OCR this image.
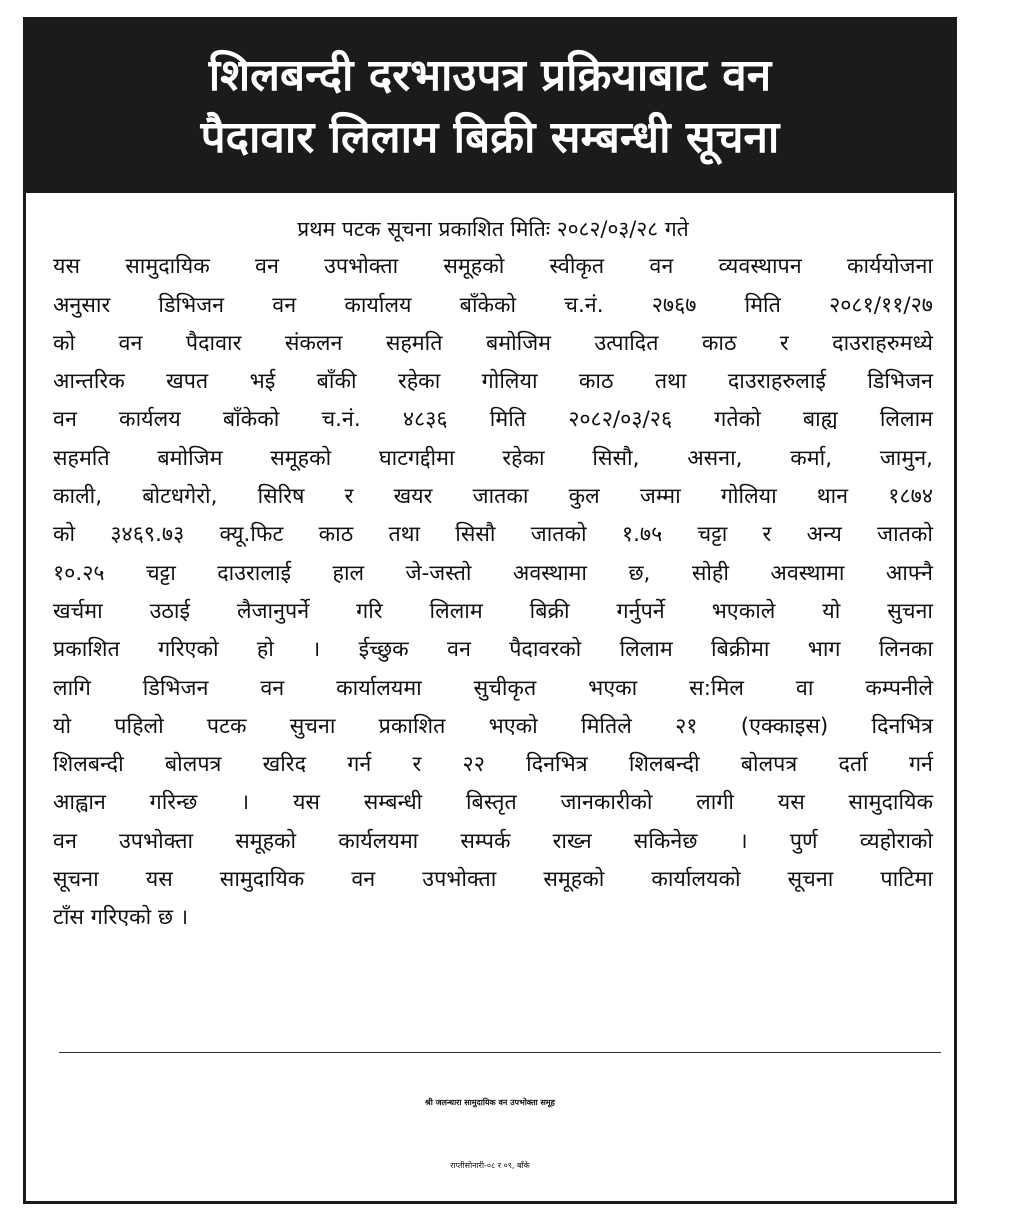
शिलबन्दी दरभाउपत्र प्रक्रियाबाट वन
पैदावार लिलाम बिक्री सम्बन्धी सूचना
प्रथम पटक सूचना प्रकाशित मितिः २०८२/०३/२८ गते
यस सामुदायिक वन उपभोक्ता समूहको स्वीकृत वन व्यवस्थापन कार्ययोजना
अनुसार डिभिजन वन कार्यालय बाँकेको च.नं. २७६७ मिति २०८१/११/२७
को वन पैदावार संकलन सहमति बमोजिम उत्पादित काठ र दाउराहरुमध्ये
आन्तरिक खपत भई बाँकी रहेका गोलिया काठ तथा दाउराहरुलाई डिभिजन
वन कार्यलय बाँकेको च.नं. ४८३६ मिति २०८२/०३/२६ गतेको बाह्य लिलाम
सहमति बमोजिम समूहको घाटगद्दीमा रहेका सिसौ, असना, कर्मा, जामुन,
काली, बोटधगेरो, सिरिष र खयर जातका कुल जम्मा गोलिया थान १८७४
को ३४६९.७३ क्यू.फिट काठ तथा सिसौ जातको १.७५ चट्टा र अन्य जातको
१०.२५ चट्टा दाउरालाई हाल जे-जस्तो अवस्थामा छ, सोही अवस्थामा आफ्नै
खर्चमा उठाई लैजानुपर्ने गरि लिलाम बिक्री गर्नुपर्ने भएकाले यो सुचना
प्रकाशित गरिएको हो । ईच्छुक वन पैदावरको लिलाम बिक्रीमा भाग लिनका
लागि डिभिजन वन कार्यालयमा सुचीकृत भएका स:मिल वा कम्पनीले
यो पहिलो पटक सुचना प्रकाशित भएको मितिले २१ (एक्काइस) दिनभित्र
शिलबन्दी बोलपत्र खरिद गर्न र २२ दिनभित्र शिलबन्दी बोलपत्र दर्ता गर्न
आह्वान गरिन्छ । यस सम्बन्धी बिस्तृत जानकारीको लागी यस सामुदायिक
वन उपभोक्ता समूहको कार्यलयमा सम्पर्क राख्न सकिनेछ । पुर्ण व्यहोराको
सूचना यस सामुदायिक वन उपभोक्ता समूहको कार्यालयको सूचना पाटिमा
टाँस गरिएको छ ।
श्री जलन्धारा सामुदायिक वन उपभोक्ता समूह
राप्तीसोनारी-०८ र ०९, बाँके
